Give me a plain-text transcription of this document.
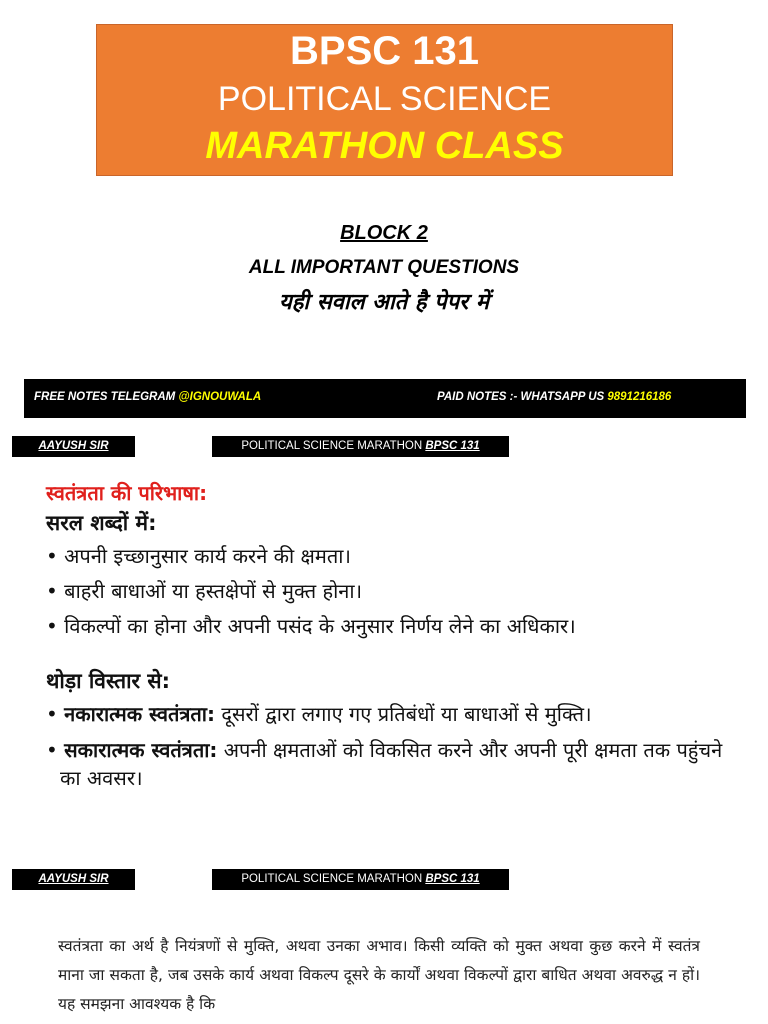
BPSC 131
POLITICAL SCIENCE
MARATHON CLASS
BLOCK 2
ALL IMPORTANT QUESTIONS
यही सवाल आते है पेपर में
FREE NOTES TELEGRAM @IGNOUWALA	PAID NOTES :- WHATSAPP US 9891216186
AAYUSH SIR	POLITICAL SCIENCE MARATHON BPSC 131
स्वतंत्रता की परिभाषा:
सरल शब्दों में:
• अपनी इच्छानुसार कार्य करने की क्षमता।
• बाहरी बाधाओं या हस्तक्षेपों से मुक्त होना।
• विकल्पों का होना और अपनी पसंद के अनुसार निर्णय लेने का अधिकार।
थोड़ा विस्तार से:
• नकारात्मक स्वतंत्रता: दूसरों द्वारा लगाए गए प्रतिबंधों या बाधाओं से मुक्ति।
• सकारात्मक स्वतंत्रता: अपनी क्षमताओं को विकसित करने और अपनी पूरी क्षमता तक पहुंचने का अवसर।
AAYUSH SIR	POLITICAL SCIENCE MARATHON BPSC 131
स्वतंत्रता का अर्थ है नियंत्रणों से मुक्ति, अथवा उनका अभाव। किसी व्यक्ति को मुक्त अथवा कुछ करने में स्वतंत्र माना जा सकता है, जब उसके कार्य अथवा विकल्प दूसरे के कार्यों अथवा विकल्पों द्वारा बाधित अथवा अवरुद्ध न हों। यह समझना आवश्यक है कि
